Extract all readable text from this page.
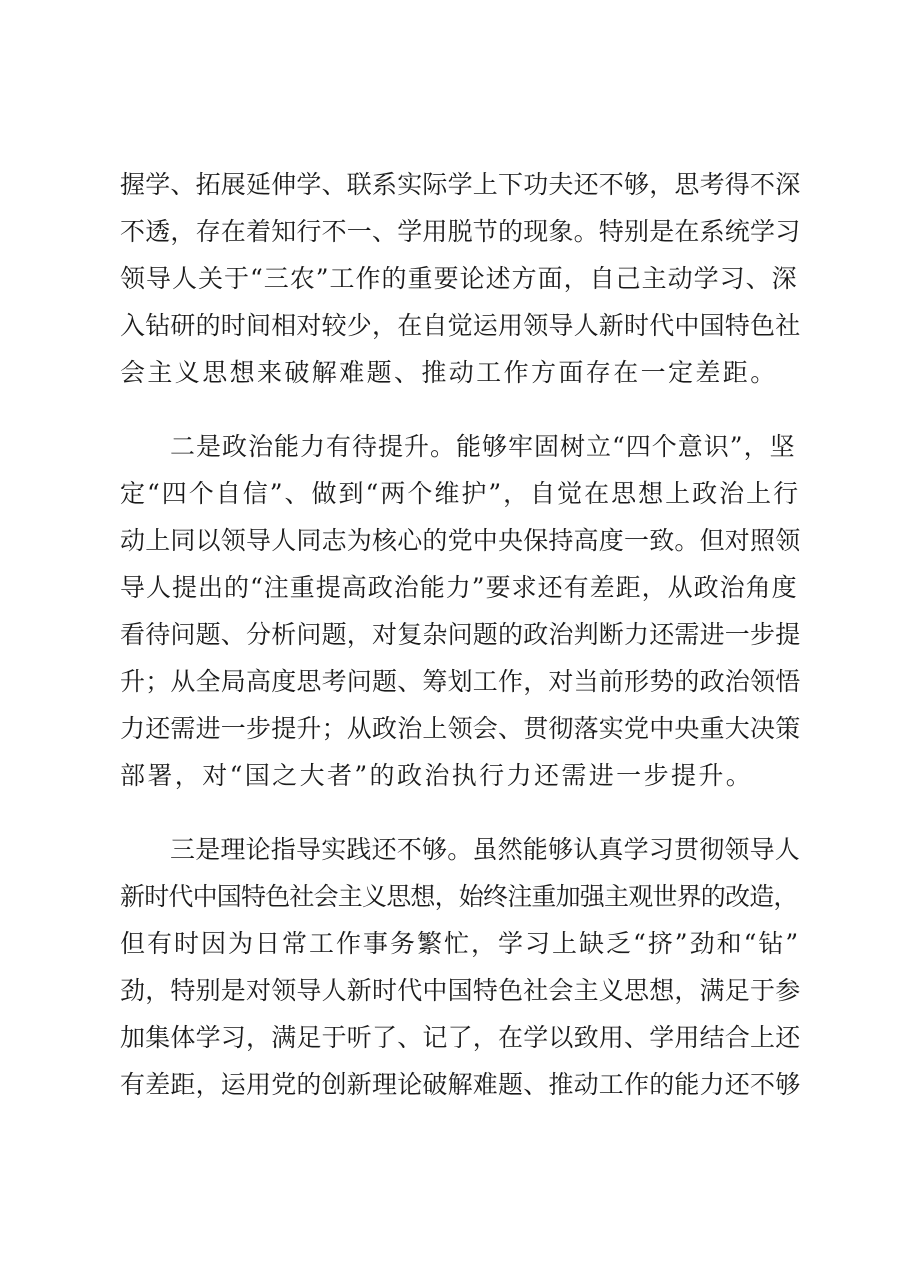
握学、拓展延伸学、联系实际学上下功夫还不够，思考得不深
不透，存在着知行不一、学用脱节的现象。特别是在系统学习
领导人关于“三农”工作的重要论述方面，自己主动学习、深
入钻研的时间相对较少，在自觉运用领导人新时代中国特色社
会主义思想来破解难题、推动工作方面存在一定差距。
二是政治能力有待提升。能够牢固树立“四个意识”，坚
定“四个自信”、做到“两个维护”，自觉在思想上政治上行
动上同以领导人同志为核心的党中央保持高度一致。但对照领
导人提出的“注重提高政治能力”要求还有差距，从政治角度
看待问题、分析问题，对复杂问题的政治判断力还需进一步提
升；从全局高度思考问题、筹划工作，对当前形势的政治领悟
力还需进一步提升；从政治上领会、贯彻落实党中央重大决策
部署，对“国之大者”的政治执行力还需进一步提升。
三是理论指导实践还不够。虽然能够认真学习贯彻领导人
新时代中国特色社会主义思想，始终注重加强主观世界的改造，
但有时因为日常工作事务繁忙，学习上缺乏“挤”劲和“钻”
劲，特别是对领导人新时代中国特色社会主义思想，满足于参
加集体学习，满足于听了、记了，在学以致用、学用结合上还
有差距，运用党的创新理论破解难题、推动工作的能力还不够
